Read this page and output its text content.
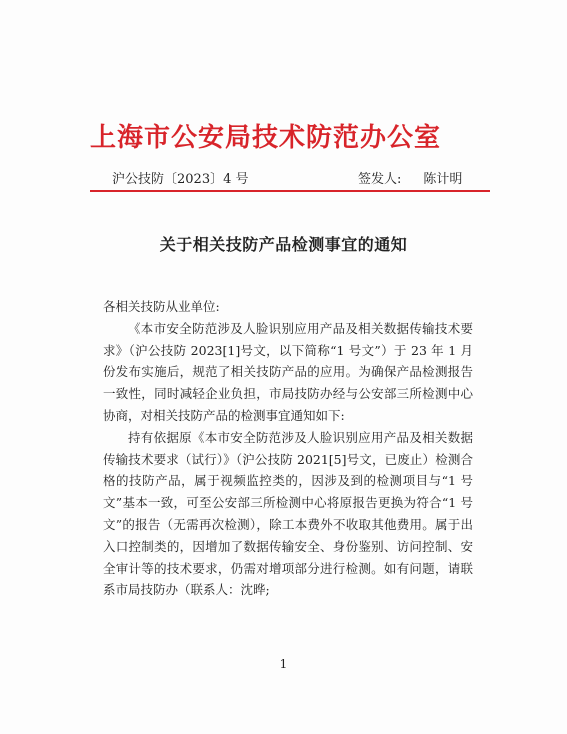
上海市公安局技术防范办公室
沪公技防〔2023〕4 号	签发人: 陈计明
关于相关技防产品检测事宜的通知

各相关技防从业单位:

《本市安全防范涉及人脸识别应用产品及相关数据传输技术要求》（沪公技防 2023[1]号文，以下简称“1 号文”）于 23 年 1 月份发布实施后，规范了相关技防产品的应用。为确保产品检测报告一致性，同时减轻企业负担，市局技防办经与公安部三所检测中心协商，对相关技防产品的检测事宜通知如下:

持有依据原《本市安全防范涉及人脸识别应用产品及相关数据传输技术要求（试行）》（沪公技防 2021[5]号文，已废止）检测合格的技防产品，属于视频监控类的，因涉及到的检测项目与“1 号文”基本一致，可至公安部三所检测中心将原报告更换为符合“1 号文”的报告（无需再次检测），除工本费外不收取其他费用。属于出入口控制类的，因增加了数据传输安全、身份鉴别、访问控制、安全审计等的技术要求，仍需对增项部分进行检测。如有问题，请联系市局技防办（联系人：沈晔;

1
